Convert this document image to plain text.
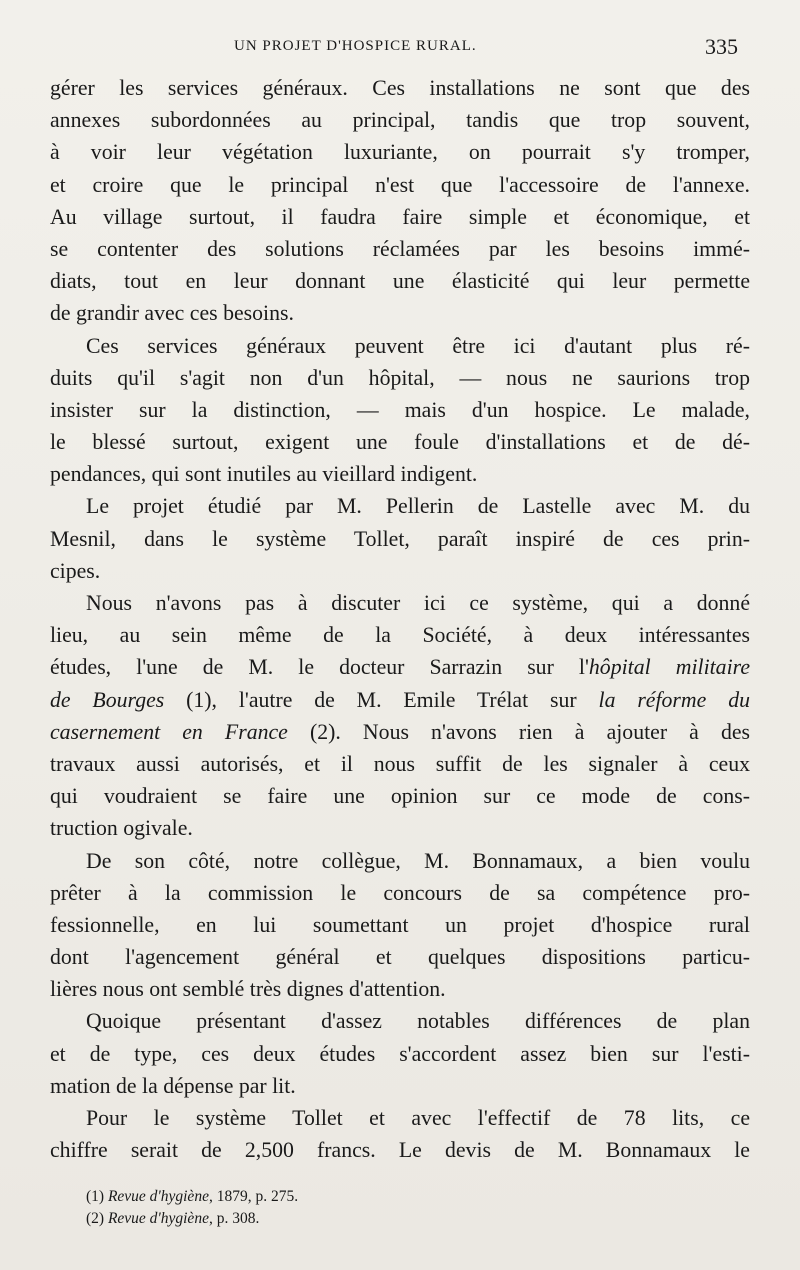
UN PROJET D'HOSPICE RURAL.	335
gérer les services généraux. Ces installations ne sont que des
annexes subordonnées au principal, tandis que trop souvent,
à voir leur végétation luxuriante, on pourrait s'y tromper,
et croire que le principal n'est que l'accessoire de l'annexe.
Au village surtout, il faudra faire simple et économique, et
se contenter des solutions réclamées par les besoins immé-
diats, tout en leur donnant une élasticité qui leur permette
de grandir avec ces besoins.
Ces services généraux peuvent être ici d'autant plus ré-
duits qu'il s'agit non d'un hôpital, — nous ne saurions trop
insister sur la distinction, — mais d'un hospice. Le malade,
le blessé surtout, exigent une foule d'installations et de dé-
pendances, qui sont inutiles au vieillard indigent.
Le projet étudié par M. Pellerin de Lastelle avec M. du
Mesnil, dans le système Tollet, paraît inspiré de ces prin-
cipes.
Nous n'avons pas à discuter ici ce système, qui a donné
lieu, au sein même de la Société, à deux intéressantes
études, l'une de M. le docteur Sarrazin sur l'hôpital militaire
de Bourges (1), l'autre de M. Emile Trélat sur la réforme du
casernement en France (2). Nous n'avons rien à ajouter à des
travaux aussi autorisés, et il nous suffit de les signaler à ceux
qui voudraient se faire une opinion sur ce mode de cons-
truction ogivale.
De son côté, notre collègue, M. Bonnamaux, a bien voulu
prêter à la commission le concours de sa compétence pro-
fessionnelle, en lui soumettant un projet d'hospice rural
dont l'agencement général et quelques dispositions particu-
lières nous ont semblé très dignes d'attention.
Quoique présentant d'assez notables différences de plan
et de type, ces deux études s'accordent assez bien sur l'esti-
mation de la dépense par lit.
Pour le système Tollet et avec l'effectif de 78 lits, ce
chiffre serait de 2,500 francs. Le devis de M. Bonnamaux le
(1) Revue d'hygiène, 1879, p. 275.
(2) Revue d'hygiène, p. 308.
